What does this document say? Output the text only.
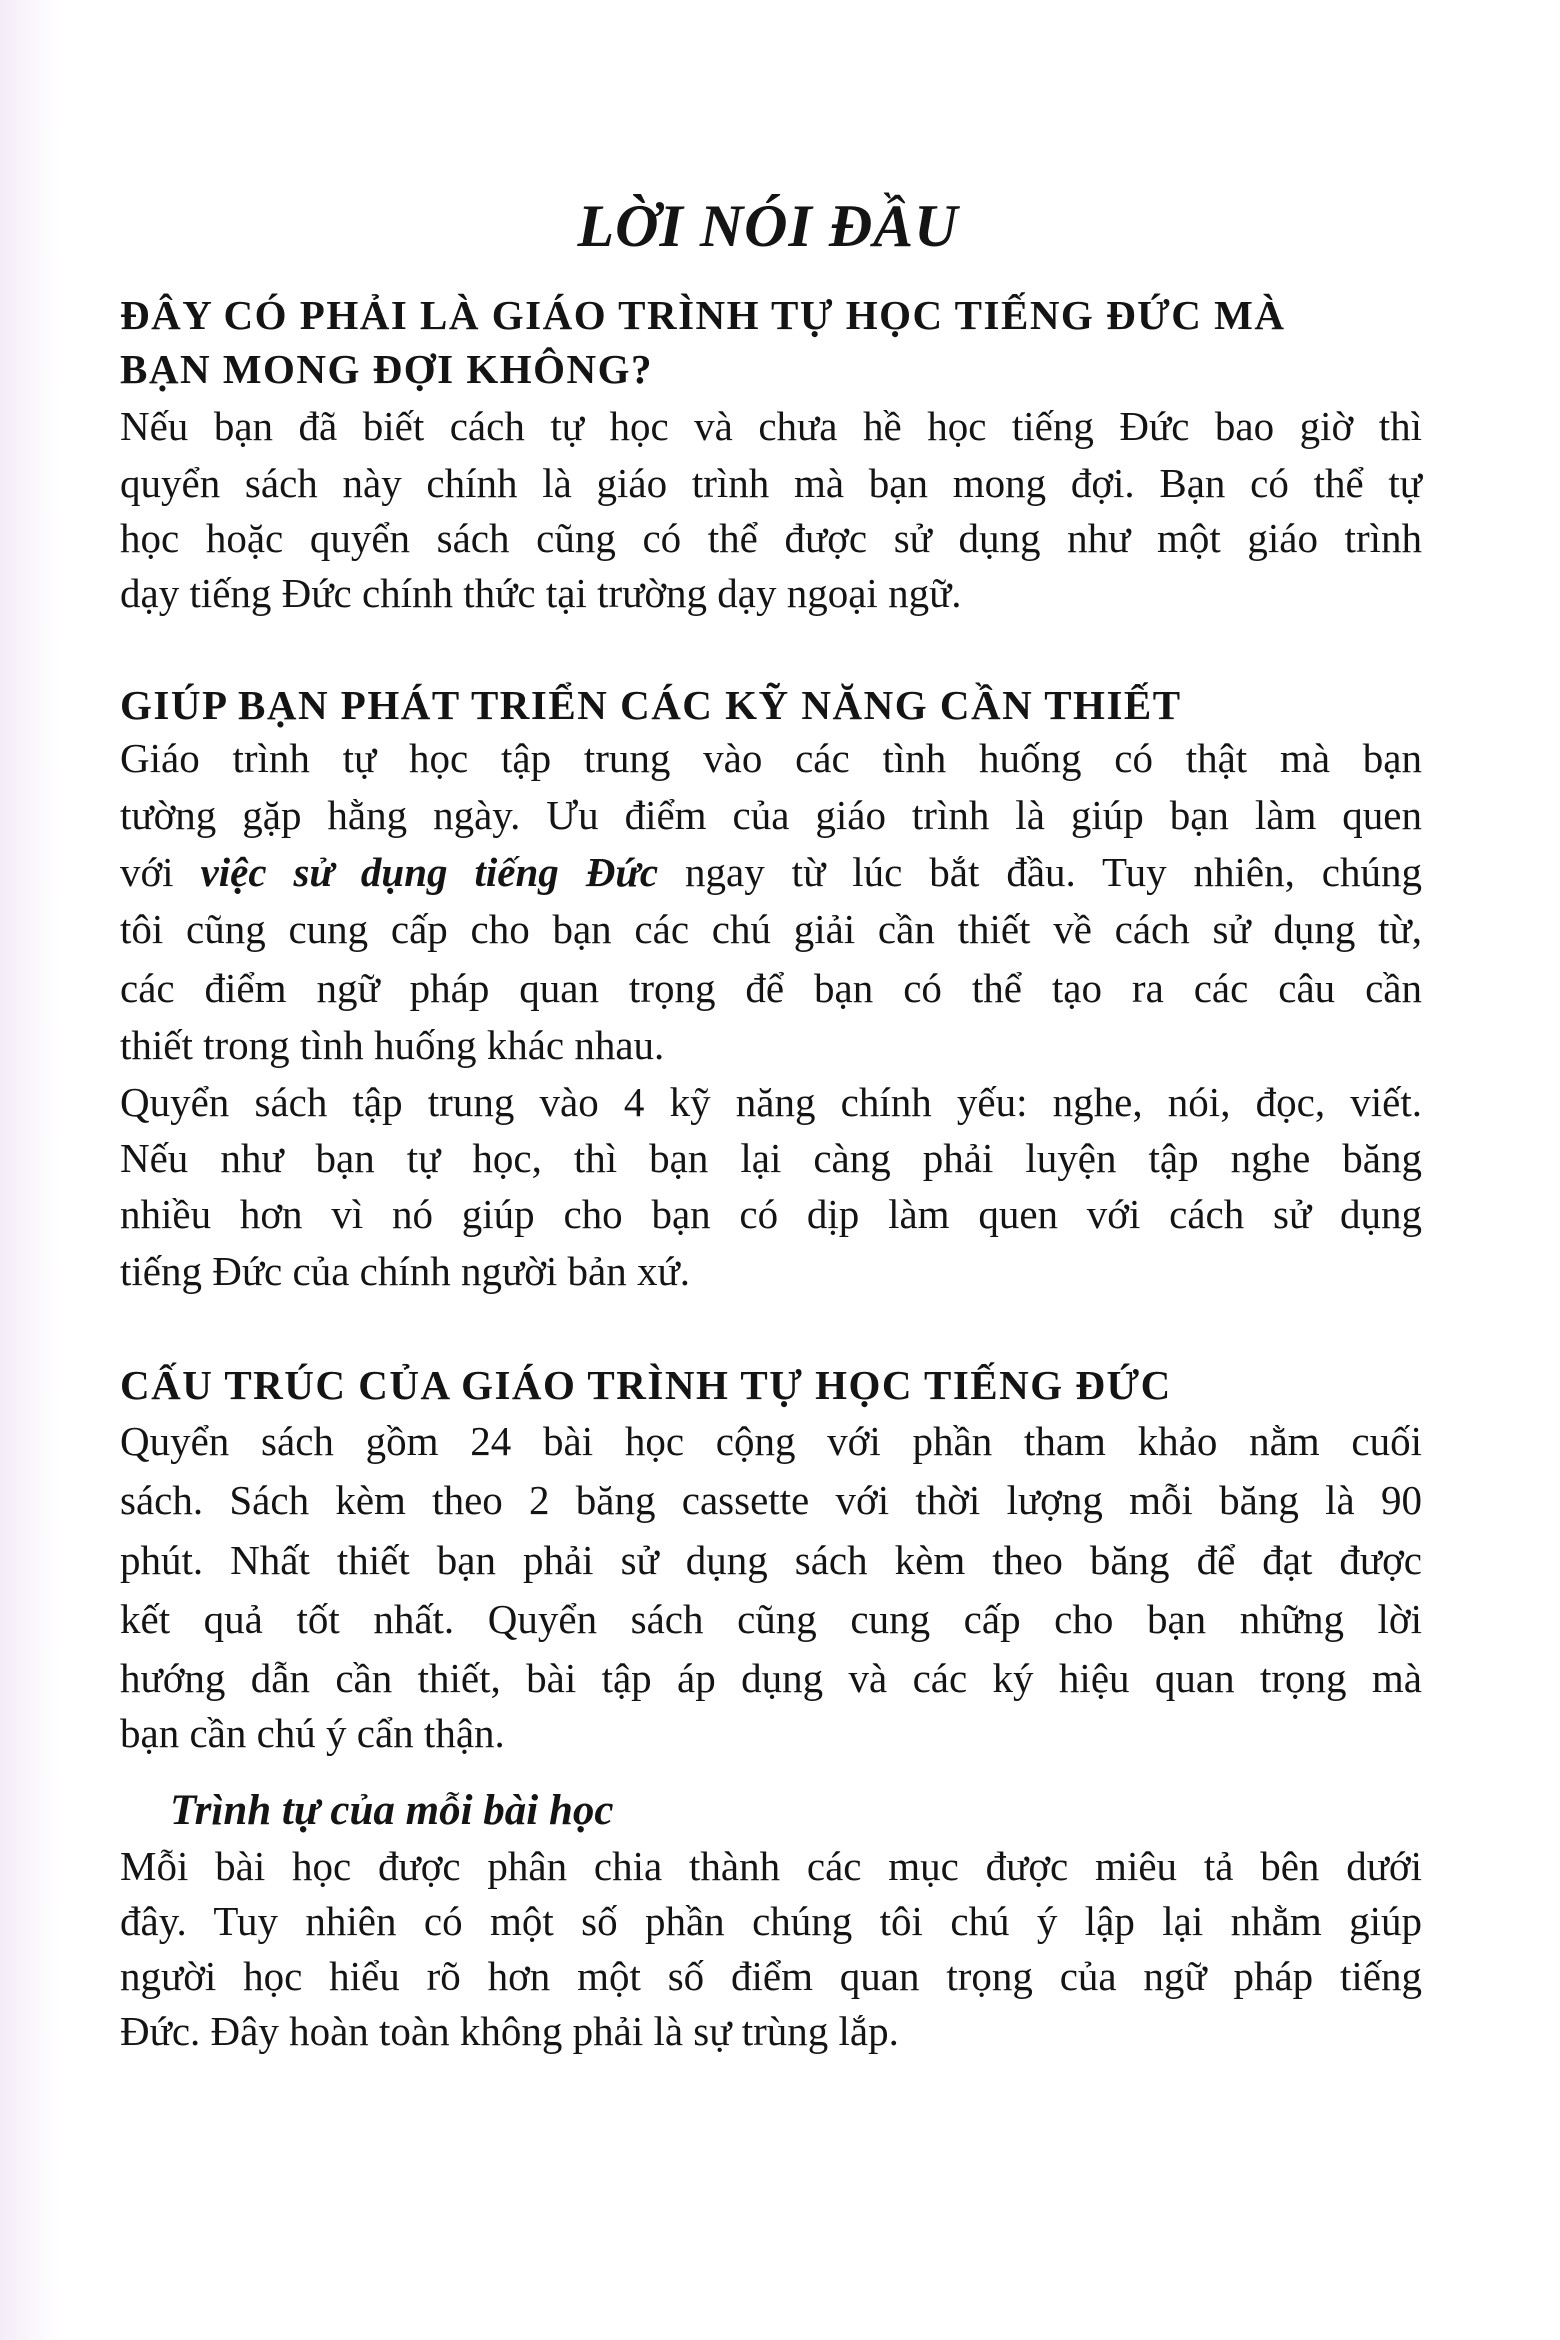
LỜI NÓI ĐẦU
ĐÂY CÓ PHẢI LÀ GIÁO TRÌNH TỰ HỌC TIẾNG ĐỨC MÀ
BẠN MONG ĐỢI KHÔNG?
Nếu bạn đã biết cách tự học và chưa hề học tiếng Đức bao giờ thì
quyển sách này chính là giáo trình mà bạn mong đợi. Bạn có thể tự
học hoặc quyển sách cũng có thể được sử dụng như một giáo trình
dạy tiếng Đức chính thức tại trường dạy ngoại ngữ.
GIÚP BẠN PHÁT TRIỂN CÁC KỸ NĂNG CẦN THIẾT
Giáo trình tự học tập trung vào các tình huống có thật mà bạn
tường gặp hằng ngày. Ưu điểm của giáo trình là giúp bạn làm quen
với việc sử dụng tiếng Đức ngay từ lúc bắt đầu. Tuy nhiên, chúng
tôi cũng cung cấp cho bạn các chú giải cần thiết về cách sử dụng từ,
các điểm ngữ pháp quan trọng để bạn có thể tạo ra các câu cần
thiết trong tình huống khác nhau.
Quyển sách tập trung vào 4 kỹ năng chính yếu: nghe, nói, đọc, viết.
Nếu như bạn tự học, thì bạn lại càng phải luyện tập nghe băng
nhiều hơn vì nó giúp cho bạn có dịp làm quen với cách sử dụng
tiếng Đức của chính người bản xứ.
CẤU TRÚC CỦA GIÁO TRÌNH TỰ HỌC TIẾNG ĐỨC
Quyển sách gồm 24 bài học cộng với phần tham khảo nằm cuối
sách. Sách kèm theo 2 băng cassette với thời lượng mỗi băng là 90
phút. Nhất thiết bạn phải sử dụng sách kèm theo băng để đạt được
kết quả tốt nhất. Quyển sách cũng cung cấp cho bạn những lời
hướng dẫn cần thiết, bài tập áp dụng và các ký hiệu quan trọng mà
bạn cần chú ý cẩn thận.
Trình tự của mỗi bài học
Mỗi bài học được phân chia thành các mục được miêu tả bên dưới
đây. Tuy nhiên có một số phần chúng tôi chú ý lập lại nhằm giúp
người học hiểu rõ hơn một số điểm quan trọng của ngữ pháp tiếng
Đức. Đây hoàn toàn không phải là sự trùng lắp.
